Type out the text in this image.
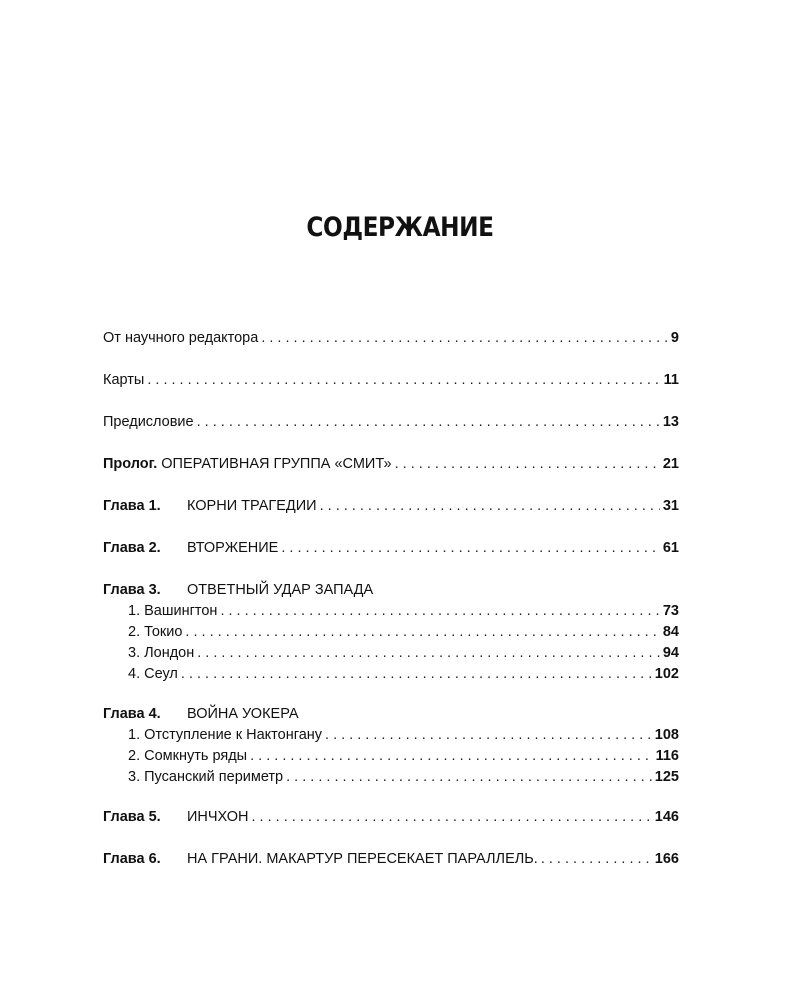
СОДЕРЖАНИЕ
От научного редактора . . .	9
Карты . . .	11
Предисловие . . .	13
Пролог. ОПЕРАТИВНАЯ ГРУППА «СМИТ» . . .	21
Глава 1.	КОРНИ ТРАГЕДИИ . . .	31
Глава 2.	ВТОРЖЕНИЕ . . .	61
Глава 3. ОТВЕТНЫЙ УДАР ЗАПАДА
1. Вашингтон . . .	73
2. Токио . . .	84
3. Лондон . . .	94
4. Сеул . . .	102
Глава 4. ВОЙНА УОКЕРА
1. Отступление к Нактонгану . . .	108
2. Сомкнуть ряды . . .	116
3. Пусанский периметр . . .	125
Глава 5.	ИНЧХОН . . .	146
Глава 6.	НА ГРАНИ. МАКАРТУР ПЕРЕСЕКАЕТ ПАРАЛЛЕЛЬ. . . .	166
